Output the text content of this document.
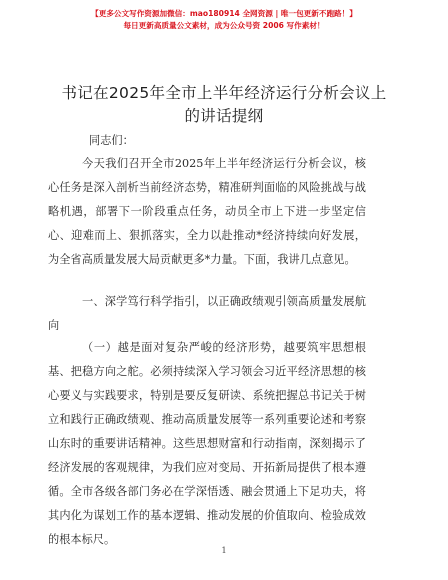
【更多公文写作资源加微信：mao180914 全网资源 | 唯一包更新不跑路！】
每日更新高质量公文素材，成为公众号资 2006 写作素材！
书记在2025年全市上半年经济运行分析会议上
的讲话提纲
同志们：
今天我们召开全市2025年上半年经济运行分析会议，核心任务是深入剖析当前经济态势，精准研判面临的风险挑战与战略机遇，部署下一阶段重点任务，动员全市上下进一步坚定信心、迎难而上、狠抓落实，全力以赴推动*经济持续向好发展，为全省高质量发展大局贡献更多*力量。下面，我讲几点意见。
一、深学笃行科学指引，以正确政绩观引领高质量发展航向
（一）越是面对复杂严峻的经济形势，越要筑牢思想根基、把稳方向之舵。必须持续深入学习领会习近平经济思想的核心要义与实践要求，特别是要反复研读、系统把握总书记关于树立和践行正确政绩观、推动高质量发展等一系列重要论述和考察山东时的重要讲话精神。这些思想财富和行动指南，深刻揭示了经济发展的客观规律，为我们应对变局、开拓新局提供了根本遵循。全市各级各部门务必在学深悟透、融会贯通上下足功夫，将其内化为谋划工作的基本逻辑、推动发展的价值取向、检验成效的根本标尺。
1
